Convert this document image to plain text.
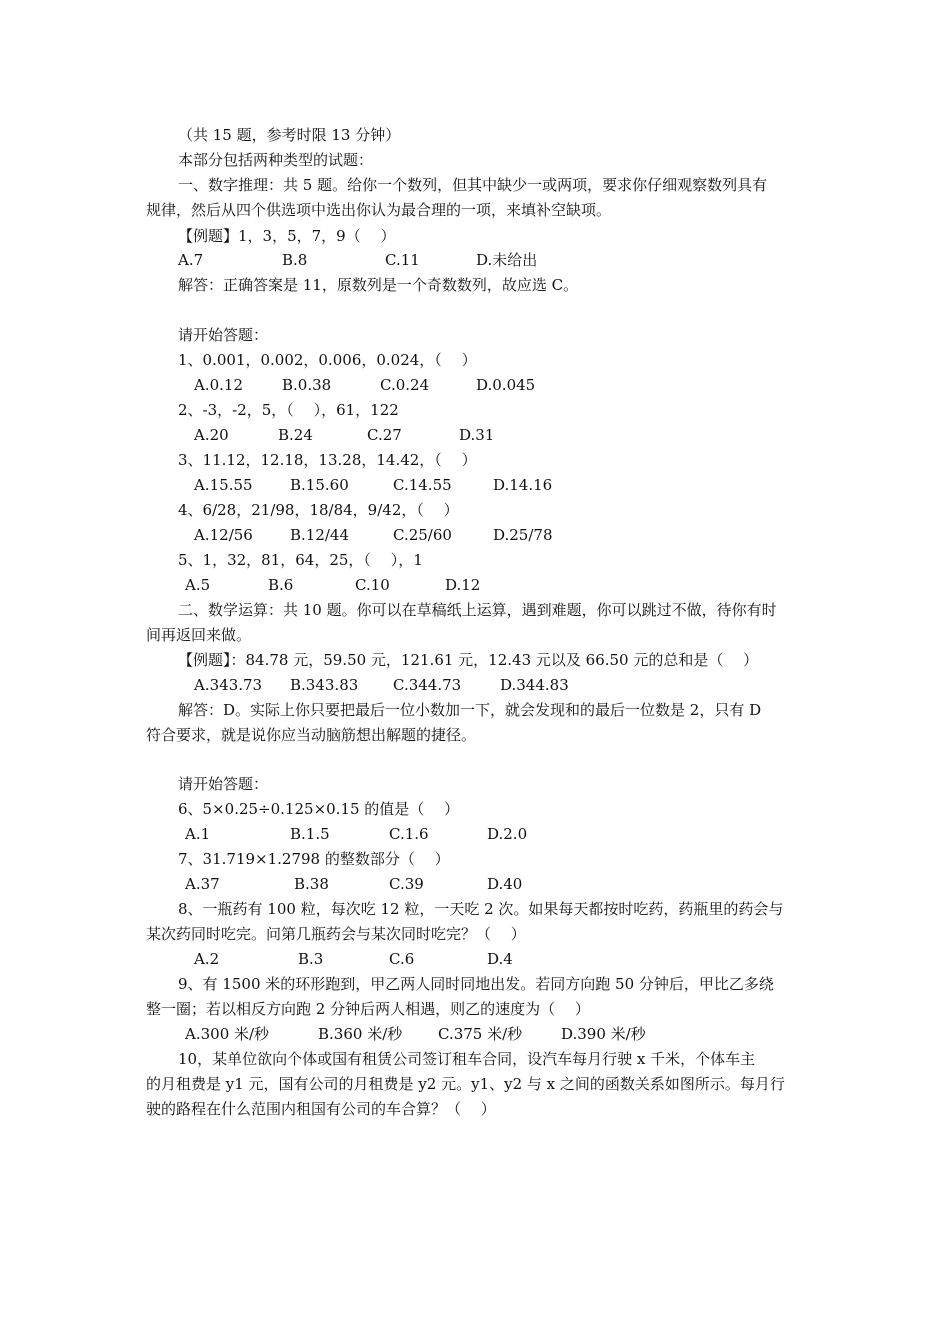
（共 15 题，参考时限 13 分钟）
本部分包括两种类型的试题：
一、数字推理：共 5 题。给你一个数列，但其中缺少一或两项，要求你仔细观察数列具有
规律，然后从四个供选项中选出你认为最合理的一项，来填补空缺项。
【例题】1，3，5，7，9（　 ）
A.7	B.8	C.11	D.未给出
解答：正确答案是 11，原数列是一个奇数数列，故应选 C。
请开始答题：
1、0.001，0.002，0.006，0.024，（　 ）
A.0.12	B.0.38	C.0.24	D.0.045
2、-3，-2，5，（　 ），61，122
A.20	B.24	C.27	D.31
3、11.12，12.18，13.28，14.42，（　 ）
A.15.55 B.15.60	C.14.55	D.14.16
4、6/28，21/98，18/84，9/42，（　 ）
A.12/56 B.12/44	C.25/60	D.25/78
5、1，32，81，64，25，（　 ），1
A.5	B.6	C.10	D.12
二、数学运算：共 10 题。你可以在草稿纸上运算，遇到难题，你可以跳过不做，待你有时
间再返回来做。
【例题】：84.78 元，59.50 元，121.61 元，12.43 元以及 66.50 元的总和是（　 ）
A.343.73 B.343.83 C.344.73	D.344.83
解答：D。实际上你只要把最后一位小数加一下，就会发现和的最后一位数是 2，只有 D
符合要求，就是说你应当动脑筋想出解题的捷径。
请开始答题：
6、5×0.25÷0.125×0.15 的值是（　 ）
A.1	B.1.5	C.1.6	D.2.0
7、31.719×1.2798 的整数部分（　 ）
A.37	B.38	C.39	D.40
8、一瓶药有 100 粒，每次吃 12 粒，一天吃 2 次。如果每天都按时吃药，药瓶里的药会与
某次药同时吃完。问第几瓶药会与某次同时吃完？（　 ）
A.2	B.3	C.6	D.4
9、有 1500 米的环形跑到，甲乙两人同时同地出发。若同方向跑 50 分钟后，甲比乙多绕
整一圈；若以相反方向跑 2 分钟后两人相遇，则乙的速度为（　 ）
A.300 米/秒	B.360 米/秒 C.375 米/秒	D.390 米/秒
10，某单位欲向个体或国有租赁公司签订租车合同，设汽车每月行驶 x 千米，个体车主
的月租费是 y1 元，国有公司的月租费是 y2 元。y1、y2 与 x 之间的函数关系如图所示。每月行
驶的路程在什么范围内租国有公司的车合算？（　 ）
